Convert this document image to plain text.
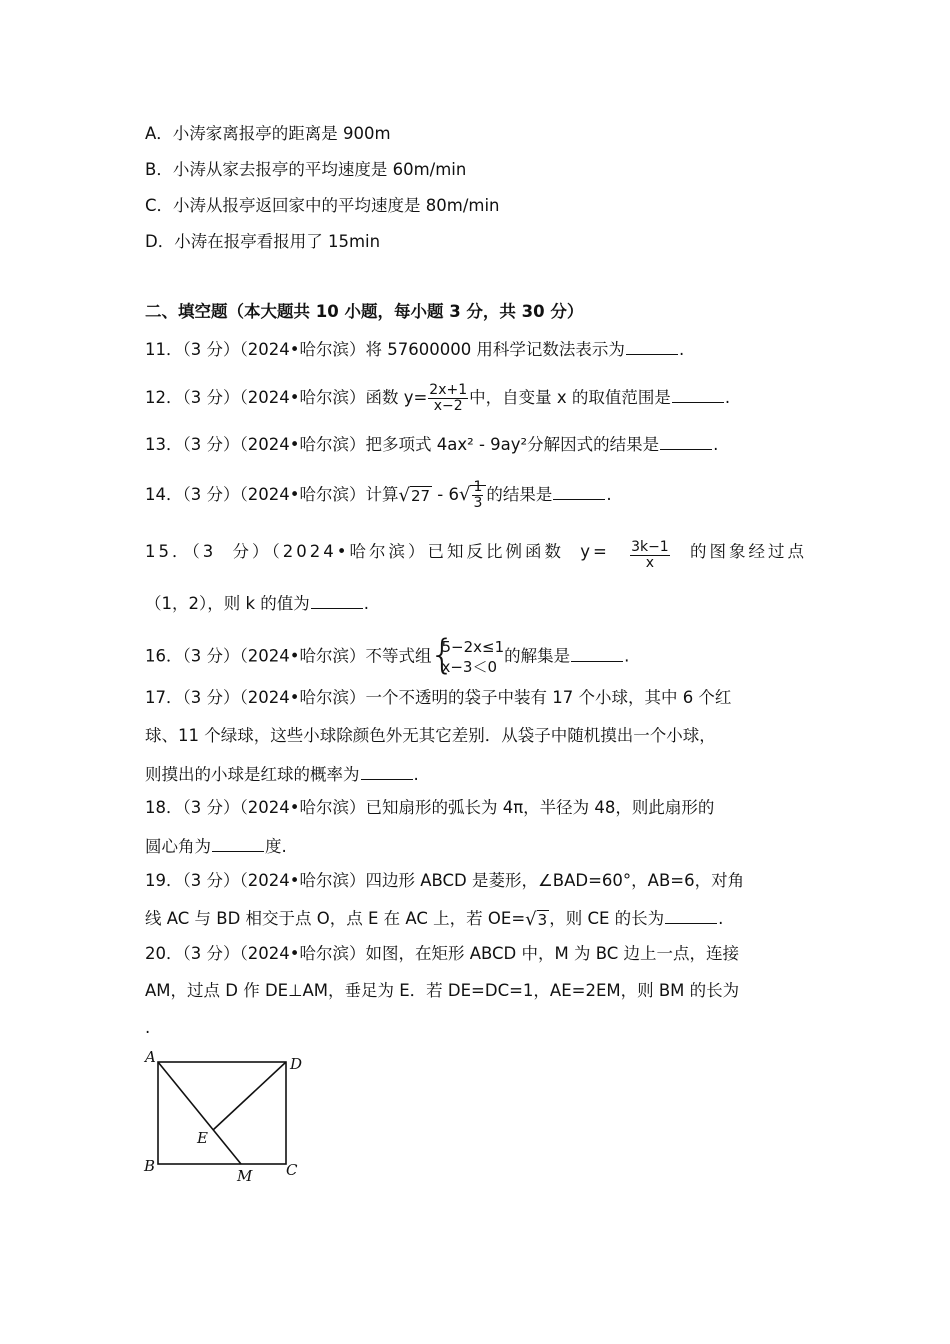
A．小涛家离报亭的距离是 900m
B．小涛从家去报亭的平均速度是 60m/min
C．小涛从报亭返回家中的平均速度是 80m/min
D．小涛在报亭看报用了 15min
二、填空题（本大题共 10 小题，每小题 3 分，共 30 分）
11．（3 分）（2024•哈尔滨）将 57600000 用科学记数法表示为	.
12．（3 分）（2024•哈尔滨）函数 $y= \frac{2x+1}{x-2}$ 中，自变量 x 的取值范围是	.
13．（3 分）（2024•哈尔滨）把多项式 4ax² ‑ 9ay²分解因式的结果是	.
14．（3 分）（2024•哈尔滨）计算√27 ‑ $6√ \frac{1}{3}$ 的结果是	.
15．（3 分）（2024•哈尔滨）已知反比例函数 $y= \frac{3k-1}{x}$ 的图象经过点
（1，2），则 k 的值为	.
16．（3 分）（2024•哈尔滨）不等式组
{
5−2x≤1
x−3＜0
的解集是	.
17．（3 分）（2024•哈尔滨）一个不透明的袋子中装有 17 个小球，其中 6 个红
球、11 个绿球，这些小球除颜色外无其它差别．从袋子中随机摸出一个小球，
则摸出的小球是红球的概率为	.
18．（3 分）（2024•哈尔滨）已知扇形的弧长为 4π，半径为 48，则此扇形的
圆心角为	度.
19．（3 分）（2024•哈尔滨）四边形 ABCD 是菱形，∠BAD=60°，AB=6，对角
线 AC 与 BD 相交于点 O，点 E 在 AC 上，若 OE=√3 ，则 CE 的长为	.
20．（3 分）（2024•哈尔滨）如图，在矩形 ABCD 中，M 为 BC 边上一点，连接
AM，过点 D 作 DE⊥AM，垂足为 E．若 DE=DC=1，AE=2EM，则 BM 的长为
.
A	D
B	C
E
M
